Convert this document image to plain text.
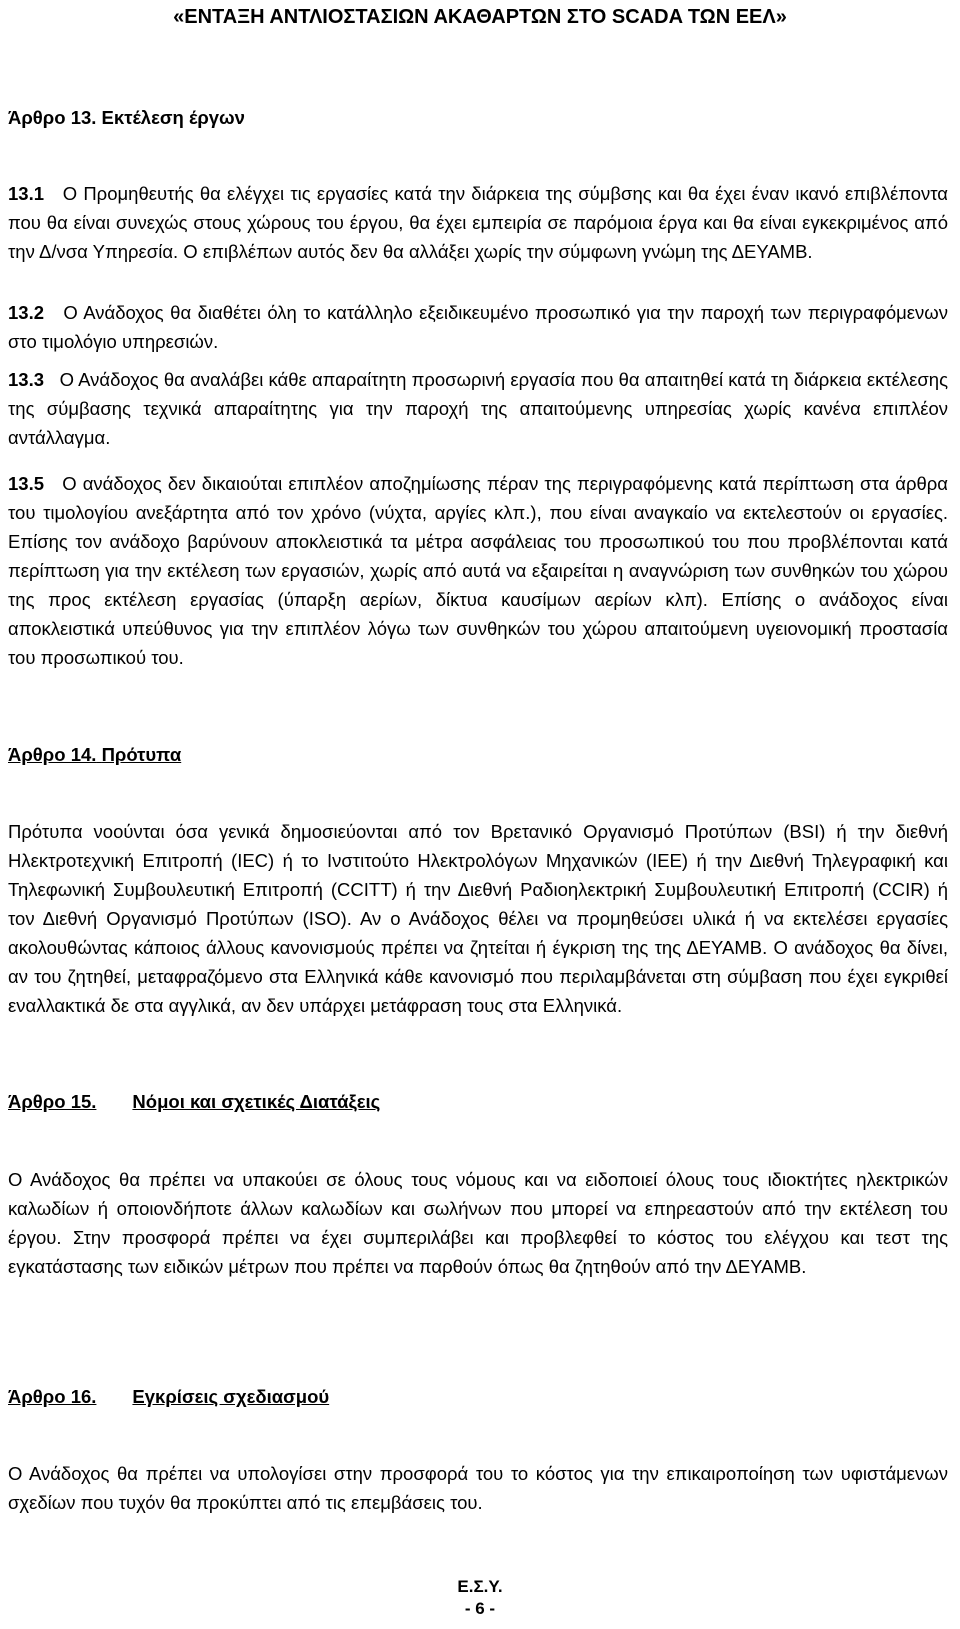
«ΕΝΤΑΞΗ ΑΝΤΛΙΟΣΤΑΣΙΩΝ ΑΚΑΘΑΡΤΩΝ ΣΤΟ SCADA ΤΩΝ ΕΕΛ»

Άρθρο 13. Εκτέλεση έργων

13.1 Ο Προμηθευτής θα ελέγχει τις εργασίες κατά την διάρκεια της σύμβσης και θα έχει έναν ικανό επιβλέποντα που θα είναι συνεχώς στους χώρους του έργου, θα έχει εμπειρία σε παρόμοια έργα και θα είναι εγκεκριμένος από την Δ/νσα Υπηρεσία. Ο επιβλέπων αυτός δεν θα αλλάξει χωρίς την σύμφωνη γνώμη της ΔΕΥΑΜΒ.

13.2 Ο Ανάδοχος θα διαθέτει όλη το κατάλληλο εξειδικευμένο προσωπικό για την παροχή των περιγραφόμενων στο τιμολόγιο υπηρεσιών.

13.3 Ο Ανάδοχος θα αναλάβει κάθε απαραίτητη προσωρινή εργασία που θα απαιτηθεί κατά τη διάρκεια εκτέλεσης της σύμβασης τεχνικά απαραίτητης για την παροχή της απαιτούμενης υπηρεσίας χωρίς κανένα επιπλέον αντάλλαγμα.

13.5 Ο ανάδοχος δεν δικαιούται επιπλέον αποζημίωσης πέραν της περιγραφόμενης κατά περίπτωση στα άρθρα του τιμολογίου ανεξάρτητα από τον χρόνο (νύχτα, αργίες κλπ.), που είναι αναγκαίο να εκτελεστούν οι εργασίες. Επίσης τον ανάδοχο βαρύνουν αποκλειστικά τα μέτρα ασφάλειας του προσωπικού του που προβλέπονται κατά περίπτωση για την εκτέλεση των εργασιών, χωρίς από αυτά να εξαιρείται η αναγνώριση των συνθηκών του χώρου της προς εκτέλεση εργασίας (ύπαρξη αερίων, δίκτυα καυσίμων αερίων κλπ). Επίσης ο ανάδοχος είναι αποκλειστικά υπεύθυνος για την επιπλέον λόγω των συνθηκών του χώρου απαιτούμενη υγειονομική προστασία του προσωπικού του.

Άρθρο 14. Πρότυπα

Πρότυπα νοούνται όσα γενικά δημοσιεύονται από τον Βρετανικό Οργανισμό Προτύπων (BSI) ή την διεθνή Ηλεκτροτεχνική Επιτροπή (IEC) ή το Ινστιτούτο Ηλεκτρολόγων Μηχανικών (IEE) ή την Διεθνή Τηλεγραφική και Τηλεφωνική Συμβουλευτική Επιτροπή (CCITT) ή την Διεθνή Ραδιοηλεκτρική Συμβουλευτική Επιτροπή (CCIR) ή τον Διεθνή Οργανισμό Προτύπων (ISO). Αν ο Ανάδοχος θέλει να προμηθεύσει υλικά ή να εκτελέσει εργασίες ακολουθώντας κάποιος άλλους κανονισμούς πρέπει να ζητείται ή έγκριση της της ΔΕΥΑΜΒ. Ο ανάδοχος θα δίνει, αν του ζητηθεί, μεταφραζόμενο στα Ελληνικά κάθε κανονισμό που περιλαμβάνεται στη σύμβαση που έχει εγκριθεί εναλλακτικά δε στα αγγλικά, αν δεν υπάρχει μετάφραση τους στα Ελληνικά.

Άρθρο 15. Νόμοι και σχετικές Διατάξεις

Ο Ανάδοχος θα πρέπει να υπακούει σε όλους τους νόμους και να ειδοποιεί όλους τους ιδιοκτήτες ηλεκτρικών καλωδίων ή οποιονδήποτε άλλων καλωδίων και σωλήνων που μπορεί να επηρεαστούν από την εκτέλεση του έργου. Στην προσφορά πρέπει να έχει συμπεριλάβει και προβλεφθεί το κόστος του ελέγχου και τεστ της εγκατάστασης των ειδικών μέτρων που πρέπει να παρθούν όπως θα ζητηθούν από την ΔΕΥΑΜΒ.

Άρθρο 16. Εγκρίσεις σχεδιασμού

Ο Ανάδοχος θα πρέπει να υπολογίσει στην προσφορά του το κόστος για την επικαιροποίηση των υφιστάμενων σχεδίων που τυχόν θα προκύπτει από τις επεμβάσεις του.

Ε.Σ.Υ.
- 6 -
